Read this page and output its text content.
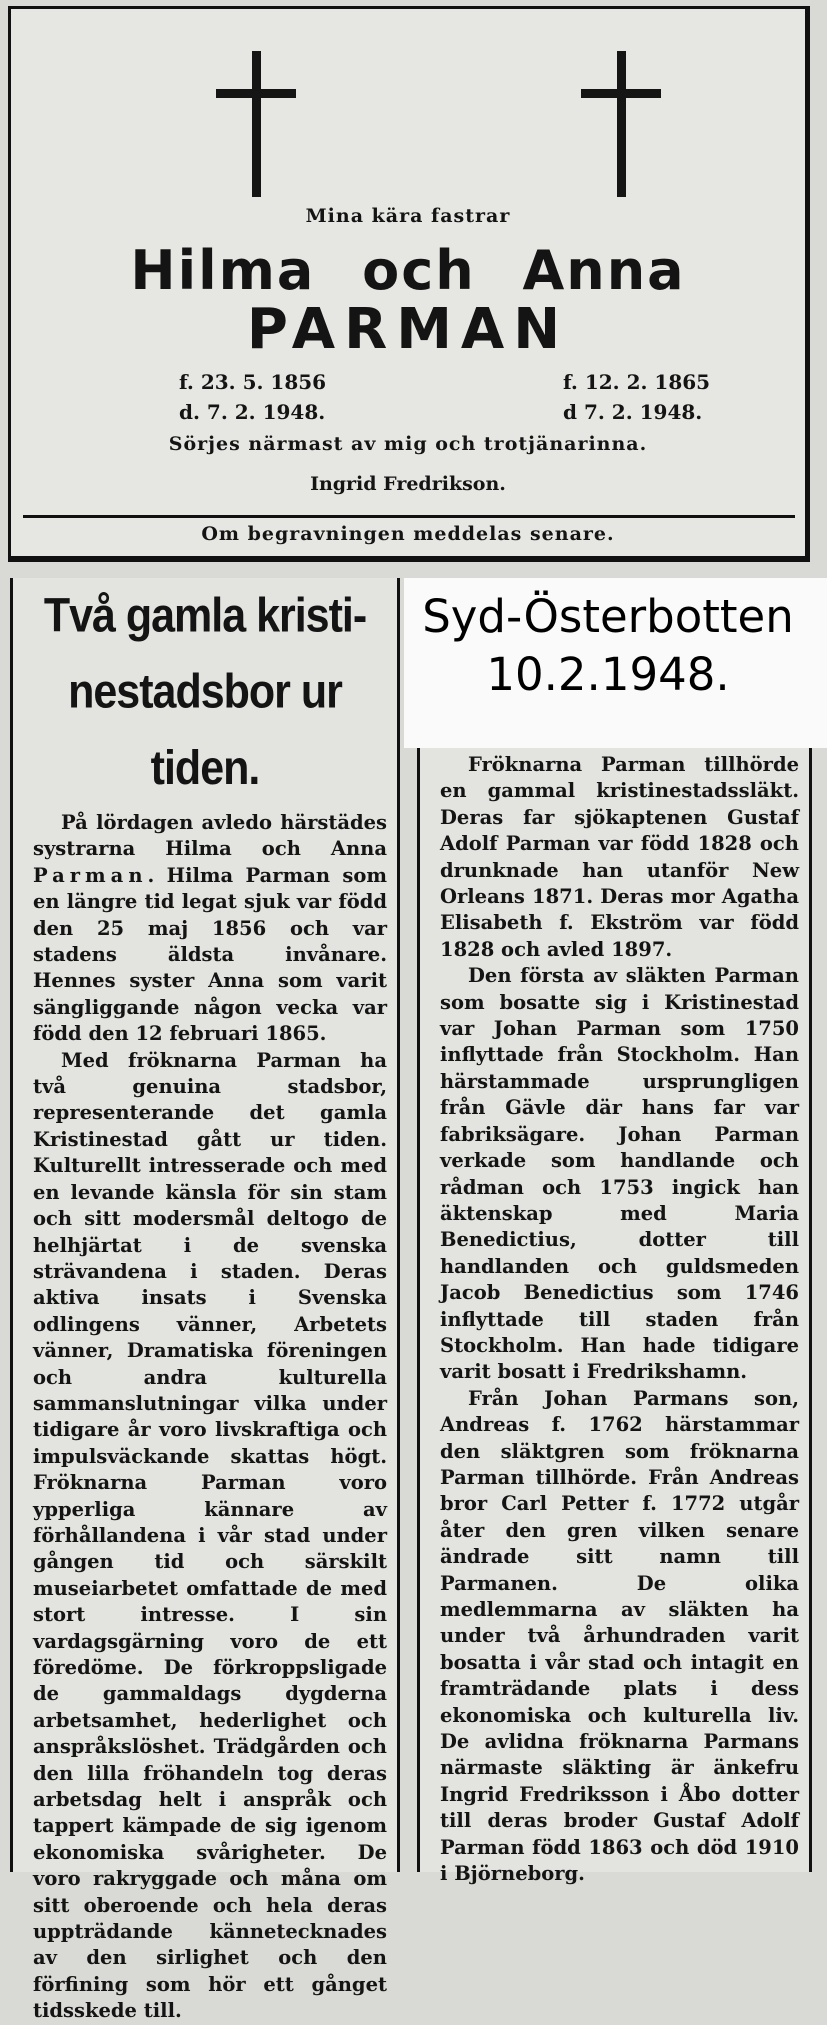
Mina kära fastrar
Hilma och Anna
PARMAN
f. 23. 5. 1856
d. 7. 2. 1948.
f. 12. 2. 1865
d 7. 2. 1948.
Sörjes närmast av mig och trotjänarinna.
Ingrid Fredrikson.
Om begravningen meddelas senare.
Två gamla kristi-
nestadsbor ur tiden.

På lördagen avledo härstädes systrarna Hilma och Anna Parman. Hilma Parman som en längre tid legat sjuk var född den 25 maj 1856 och var stadens äldsta invånare. Hennes syster Anna som varit sängliggande någon vecka var född den 12 februari 1865.

Med fröknarna Parman ha två genuina stadsbor, representerande det gamla Kristinestad gått ur tiden. Kulturellt intresserade och med en levande känsla för sin stam och sitt modersmål deltogo de helhjärtat i de svenska strävandena i staden. Deras aktiva insats i Svenska odlingens vänner, Arbetets vänner, Dramatiska föreningen och andra kulturella sammanslutningar vilka under tidigare år voro livskraftiga och impulsväckande skattas högt. Fröknarna Parman voro ypperliga kännare av förhållandena i vår stad under gången tid och särskilt museiarbetet omfattade de med stort intresse. I sin vardagsgärning voro de ett föredöme. De förkroppsligade de gammaldags dygderna arbetsamhet, hederlighet och anspråkslöshet. Trädgården och den lilla fröhandeln tog deras arbetsdag helt i anspråk och tappert kämpade de sig igenom ekonomiska svårigheter. De voro rakryggade och måna om sitt oberoende och hela deras uppträdande kännetecknades av den sirlighet och den förfining som hör ett gånget tidsskede till.

Syd-Österbotten
10.2.1948.

Fröknarna Parman tillhörde en gammal kristinestadssläkt. Deras far sjökaptenen Gustaf Adolf Parman var född 1828 och drunknade han utanför New Orleans 1871. Deras mor Agatha Elisabeth f. Ekström var född 1828 och avled 1897.

Den första av släkten Parman som bosatte sig i Kristinestad var Johan Parman som 1750 inflyttade från Stockholm. Han härstammade ursprungligen från Gävle där hans far var fabriksägare. Johan Parman verkade som handlande och rådman och 1753 ingick han äktenskap med Maria Benedictius, dotter till handlanden och guldsmeden Jacob Benedictius som 1746 inflyttade till staden från Stockholm. Han hade tidigare varit bosatt i Fredrikshamn.

Från Johan Parmans son, Andreas f. 1762 härstammar den släktgren som fröknarna Parman tillhörde. Från Andreas bror Carl Petter f. 1772 utgår åter den gren vilken senare ändrade sitt namn till Parmanen. De olika medlemmarna av släkten ha under två århundraden varit bosatta i vår stad och intagit en framträdande plats i dess ekonomiska och kulturella liv. De avlidna fröknarna Parmans närmaste släkting är änkefru Ingrid Fredriksson i Åbo dotter till deras broder Gustaf Adolf Parman född 1863 och död 1910 i Björneborg.
